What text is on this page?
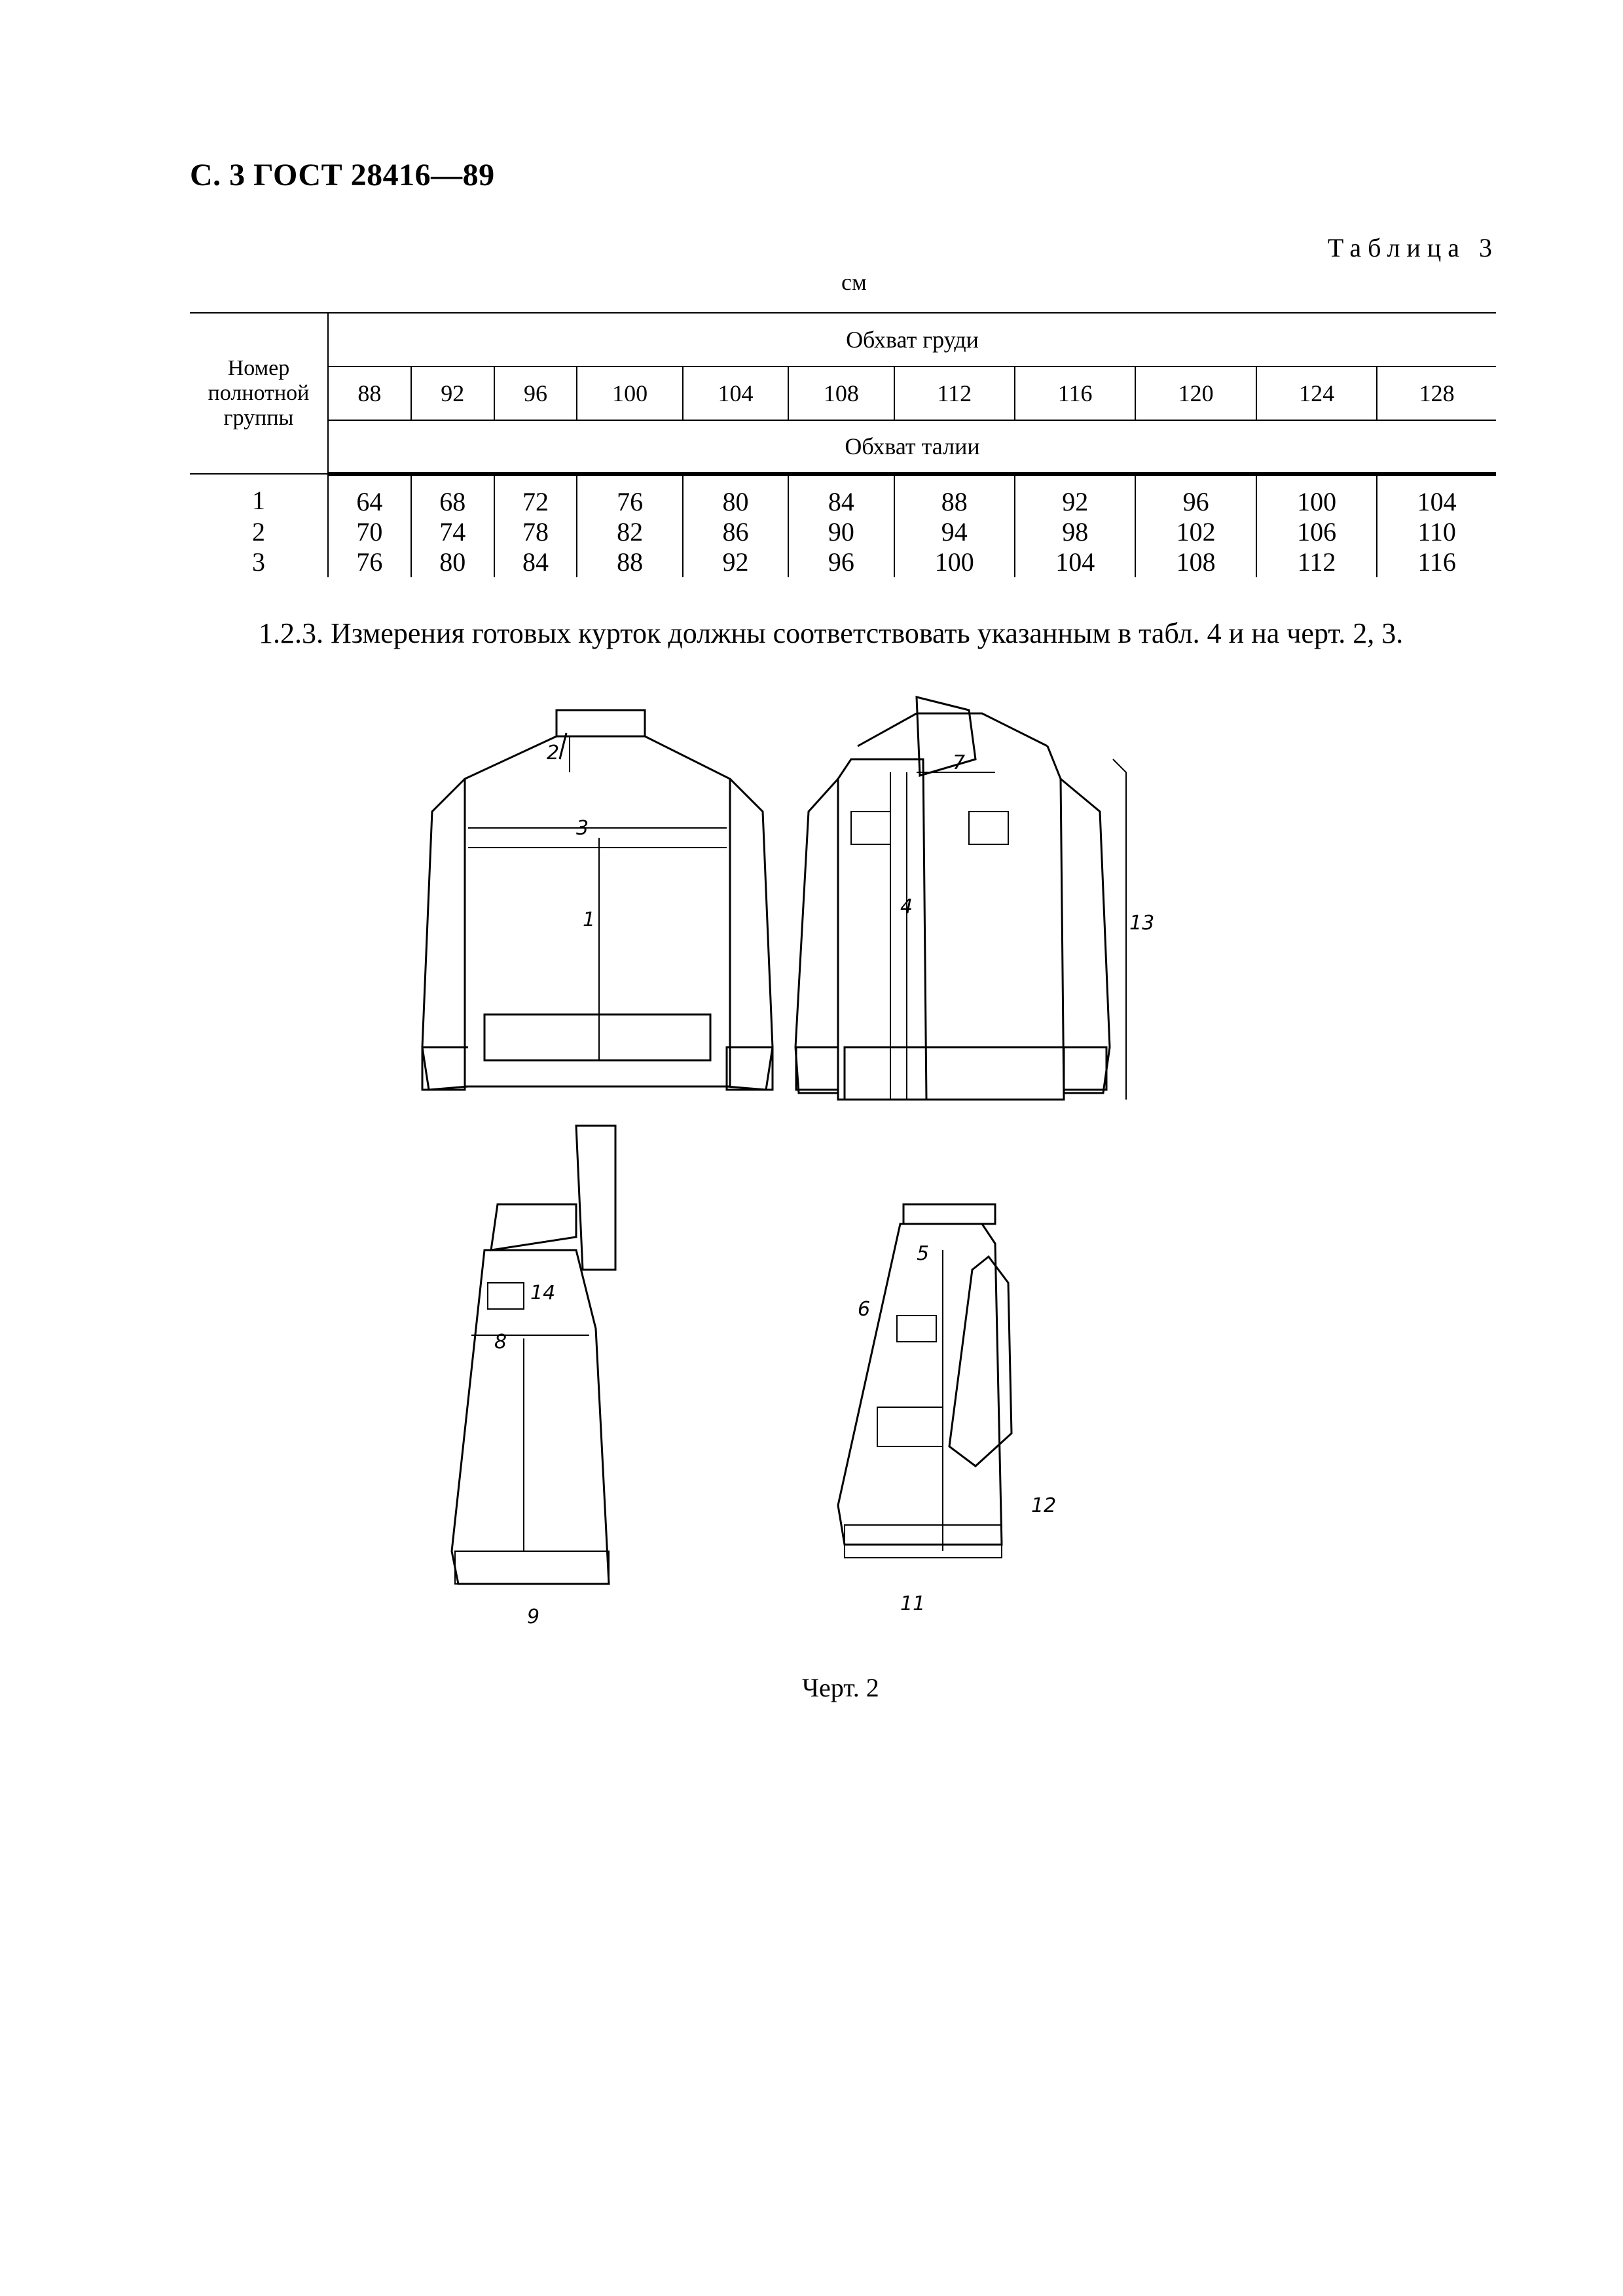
С. 3 ГОСТ 28416—89
Таблица 3
см
Номер
полнотной
группы	Обхват груди										
	88	92	96	100	104	108	112	116	120	124	128
	Обхват талии										
1	64	68	72	76	80	84	88	92	96	100	104
2	70	74	78	82	86	90	94	98	102	106	110
3	76	80	84	88	92	96	100	104	108	112	116
1.2.3. Измерения готовых курток должны соответствовать указанным в табл. 4 и на черт. 2, 3.
2
3
1
7
4
13
8
14
9
5
6
12
11
Черт. 2
